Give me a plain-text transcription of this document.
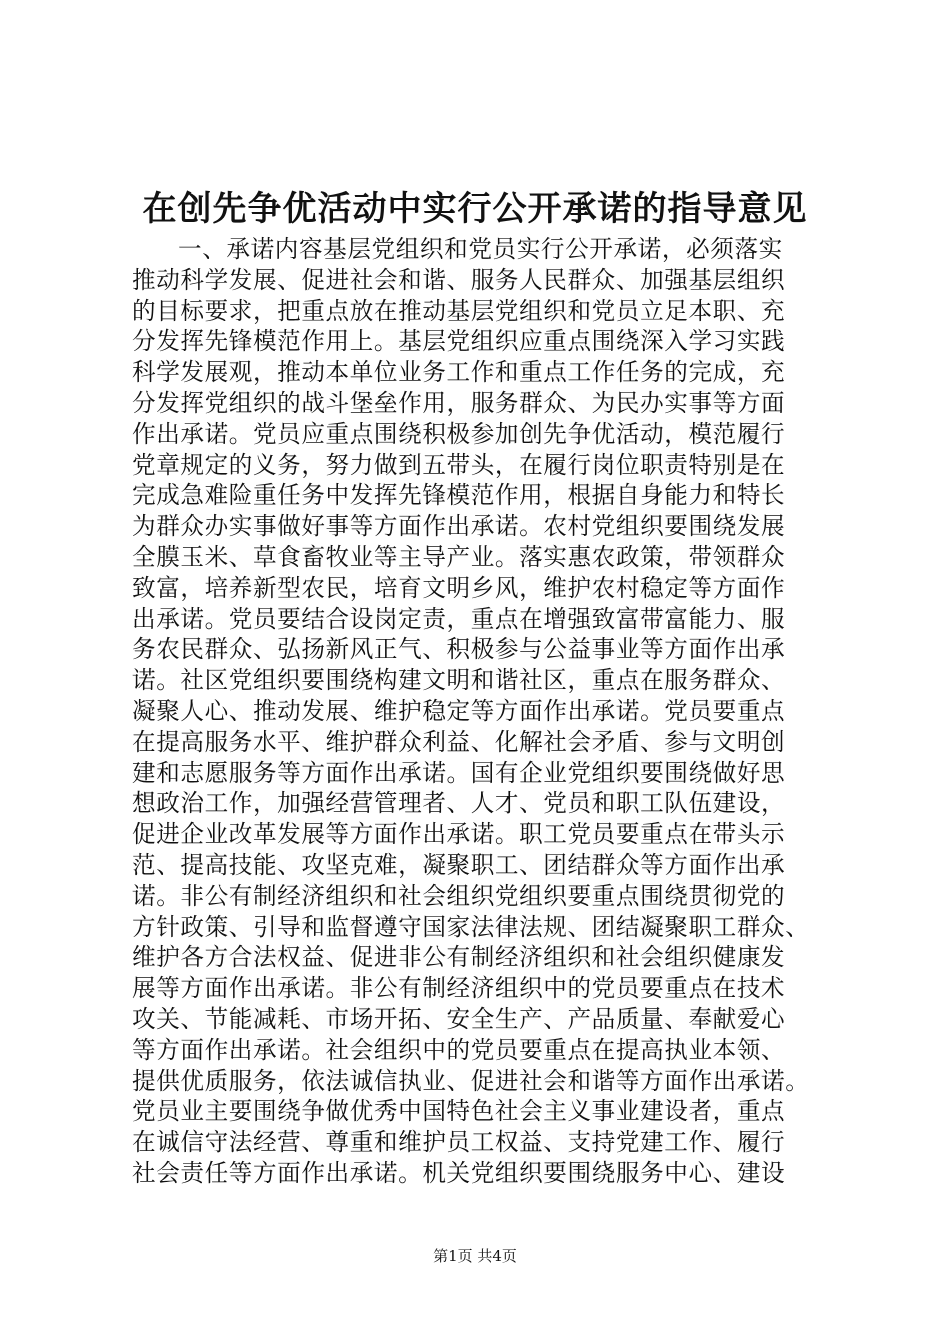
在创先争优活动中实行公开承诺的指导意见
一、承诺内容基层党组织和党员实行公开承诺，必须落实
推动科学发展、促进社会和谐、服务人民群众、加强基层组织
的目标要求，把重点放在推动基层党组织和党员立足本职、充
分发挥先锋模范作用上。基层党组织应重点围绕深入学习实践
科学发展观，推动本单位业务工作和重点工作任务的完成，充
分发挥党组织的战斗堡垒作用，服务群众、为民办实事等方面
作出承诺。党员应重点围绕积极参加创先争优活动，模范履行
党章规定的义务，努力做到五带头，在履行岗位职责特别是在
完成急难险重任务中发挥先锋模范作用，根据自身能力和特长
为群众办实事做好事等方面作出承诺。农村党组织要围绕发展
全膜玉米、草食畜牧业等主导产业。落实惠农政策，带领群众
致富，培养新型农民，培育文明乡风，维护农村稳定等方面作
出承诺。党员要结合设岗定责，重点在增强致富带富能力、服
务农民群众、弘扬新风正气、积极参与公益事业等方面作出承
诺。社区党组织要围绕构建文明和谐社区，重点在服务群众、
凝聚人心、推动发展、维护稳定等方面作出承诺。党员要重点
在提高服务水平、维护群众利益、化解社会矛盾、参与文明创
建和志愿服务等方面作出承诺。国有企业党组织要围绕做好思
想政治工作，加强经营管理者、人才、党员和职工队伍建设，
促进企业改革发展等方面作出承诺。职工党员要重点在带头示
范、提高技能、攻坚克难，凝聚职工、团结群众等方面作出承
诺。非公有制经济组织和社会组织党组织要重点围绕贯彻党的
方针政策、引导和监督遵守国家法律法规、团结凝聚职工群众、
维护各方合法权益、促进非公有制经济组织和社会组织健康发
展等方面作出承诺。非公有制经济组织中的党员要重点在技术
攻关、节能减耗、市场开拓、安全生产、产品质量、奉献爱心
等方面作出承诺。社会组织中的党员要重点在提高执业本领、
提供优质服务，依法诚信执业、促进社会和谐等方面作出承诺。
党员业主要围绕争做优秀中国特色社会主义事业建设者，重点
在诚信守法经营、尊重和维护员工权益、支持党建工作、履行
社会责任等方面作出承诺。机关党组织要围绕服务中心、建设
第1页 共4页
